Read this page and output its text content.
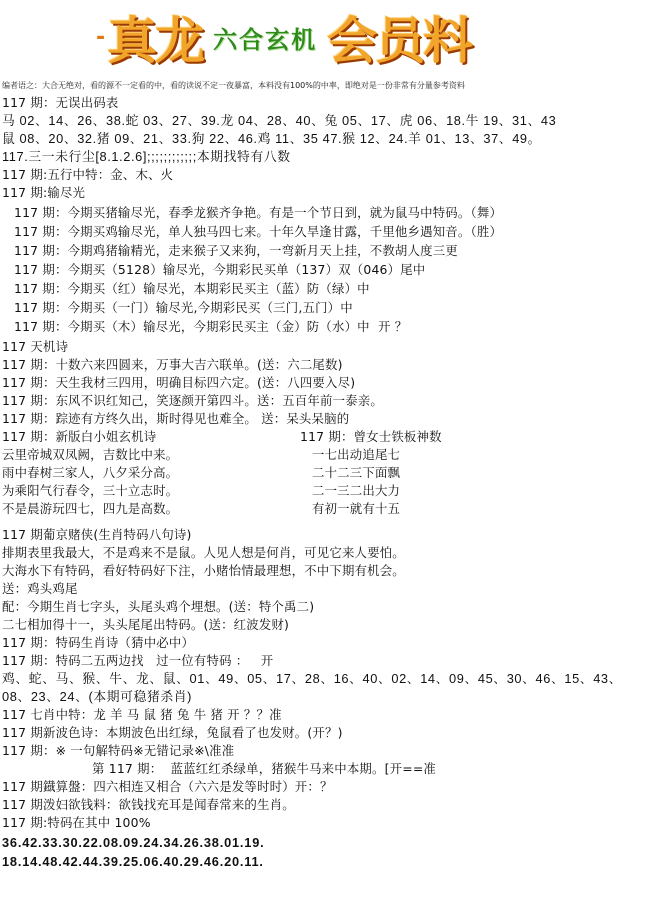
- 真龙 六合玄机 会员料
编者语之：大合无绝对，看的源不一定看的中，看的读说不定一夜暴富，本料没有100%的中率，即绝对是一份非常有分量参考资料
117 期：无误出码表
马 02、14、26、38.蛇 03、27、39.龙 04、28、40、兔 05、17、虎 06、18.牛 19、31、43
鼠 08、20、32.猪 09、21、33.狗 22、46.鸡 11、35 47.猴 12、24.羊 01、13、37、49。
117.三一未行尘[8.1.2.6];;;;;;;;;;;;本期找特有八数
117 期:五行中特：金、木、火
117 期:输尽光
117 期：今期买猪输尽光，春季龙猴齐争艳。有是一个节日到，就为鼠马中特码。（舞）
117 期：今期买鸡输尽光，单人独马四七来。十年久旱逢甘露，千里他乡遇知音。（胜）
117 期：今期鸡猪输精光，走来猴子又来狗，一弯新月天上挂，不教胡人度三更
117 期：今期买（5128）输尽光，今期彩民买单（137）双（046）尾中
117 期：今期买（红）输尽光，本期彩民买主（蓝）防（绿）中
117 期：今期买（一门）输尽光,今期彩民买（三门,五门）中
117 期：今期买（木）输尽光，今期彩民买主（金）防（水）中  开 ？
117 天机诗
117 期：十数六来四圆来，万事大吉六联单。(送：六二尾数)
117 期：天生我材三四用，明确目标四六定。(送：八四要入尽)
117 期：东风不识红知己，笑逐颜开第四斗。送：五百年前一泰亲。
117 期：踪迹有方终久出，斯时得见也难全。 送：呆头呆脑的
117 期：新版白小姐玄机诗
云里帝城双凤阙，吉数比中来。
雨中春树三家人，八夕采分高。
为乘阳气行春令，三十立志时。
不是晨游玩四七，四九是高数。
117 期：曾女士铁板神数
一七出动追尾七
二十二三下面飘
二一三二出大力
有初一就有十五
117 期葡京赌侠(生肖特码八句诗)
排期表里我最大，不是鸡来不是鼠。人见人想是何肖，可见它来人要怕。
大海水下有特码，看好特码好下注，小赌怡情最理想，不中下期有机会。
送：鸡头鸡尾
配：今期生肖七字头，头尾头鸡个埋想。(送：特个禹二)
二七相加得十一，头头尾尾出特码。(送：红波发财)
117 期：特码生肖诗（猜中必中）
117 期：特码二五两边找   过一位有特码 ：   开
鸡、蛇、马、猴、牛、龙、鼠、01、49、05、17、28、16、40、02、14、09、45、30、46、15、43、
08、23、24、(本期可稳猪杀肖)
117 七肖中特：龙 羊 马 鼠 猪 兔 牛 猪 开 ？？准
117 期新波色诗：本期波色出红绿，兔鼠看了也发财。(开？)
117 期：※ 一句解特码※无错记录※\准准
第 117 期：  蓝蓝红红杀绿单，猪猴牛马来中本期。[开==准
117 期鐡算盤：四六相连又相合（六六是发等时时）开：？
117 期泼妇欲钱料：欲钱找充耳是闻春常来的生肖。
117 期:特码在其中 100%
36.42.33.30.22.08.09.24.34.26.38.01.19.
18.14.48.42.44.39.25.06.40.29.46.20.11.
